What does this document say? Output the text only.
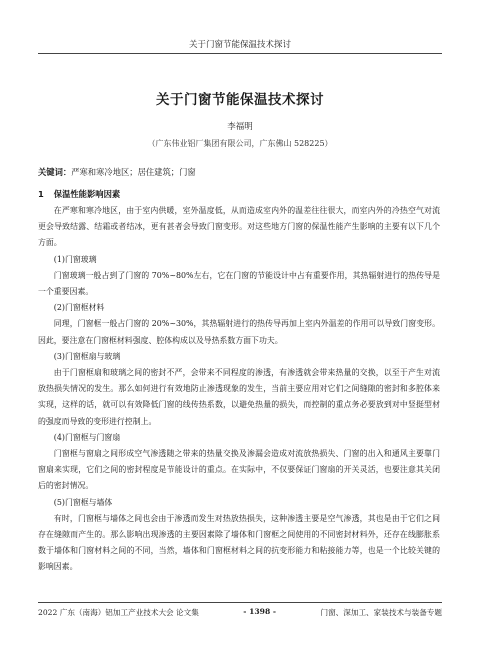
关于门窗节能保温技术探讨
关于门窗节能保温技术探讨
李福明
（广东伟业铝厂集团有限公司，广东佛山 528225）
关键词：严寒和寒冷地区；居住建筑；门窗
1 保温性能影响因素

在严寒和寒冷地区，由于室内供暖，室外温度低，从而造成室内外的温差往往很大，而室内外的冷热空气对流更会导致结露、结霜或者结冰，更有甚者会导致门窗变形。对这些地方门窗的保温性能产生影响的主要有以下几个方面。

(1)门窗玻璃

门窗玻璃一般占到了门窗的 70%~80%左右，它在门窗的节能设计中占有重要作用，其热辐射进行的热传导是一个重要因素。

(2)门窗框材料

同理，门窗框一般占门窗的 20%~30%，其热辐射进行的热传导再加上室内外温差的作用可以导致门窗变形。因此，要注意在门窗框材料强度、腔体构成以及导热系数方面下功夫。

(3)门窗框扇与玻璃

由于门窗框扇和玻璃之间的密封不严，会带来不同程度的渗透，有渗透就会带来热量的交换，以至于产生对流放热损失情况的发生。那么如何进行有效地防止渗透现象的发生，当前主要应用对它们之间缝隙的密封和多腔体来实现，这样的话，就可以有效降低门窗的线传热系数，以避免热量的损失，而控制的重点务必要放到对中竖挺型材的强度而导致的变形进行控制上。

(4)门窗框与门窗扇

门窗框与窗扇之间形成空气渗透随之带来的热量交换及渗漏会造成对流放热损失、门窗的出入和通风主要靠门窗扇来实现，它们之间的密封程度是节能设计的重点。在实际中，不仅要保证门窗扇的开关灵活，也要注意其关闭后的密封情况。

(5)门窗框与墙体

有时，门窗框与墙体之间也会由于渗透而发生对热放热损失，这种渗透主要是空气渗透，其也是由于它们之间存在缝隙而产生的。那么影响出现渗透的主要因素除了墙体和门窗框之间使用的不同密封材料外，还存在线膨胀系数于墙体和门窗材料之间的不同，当然，墙体和门窗框材料之间的抗变形能力和粘接能力等，也是一个比较关键的影响因素。

2022 广东（南海）铝加工产业技术大会 论文集	- 1398 -	门窗、深加工、家装技术与装备专题
